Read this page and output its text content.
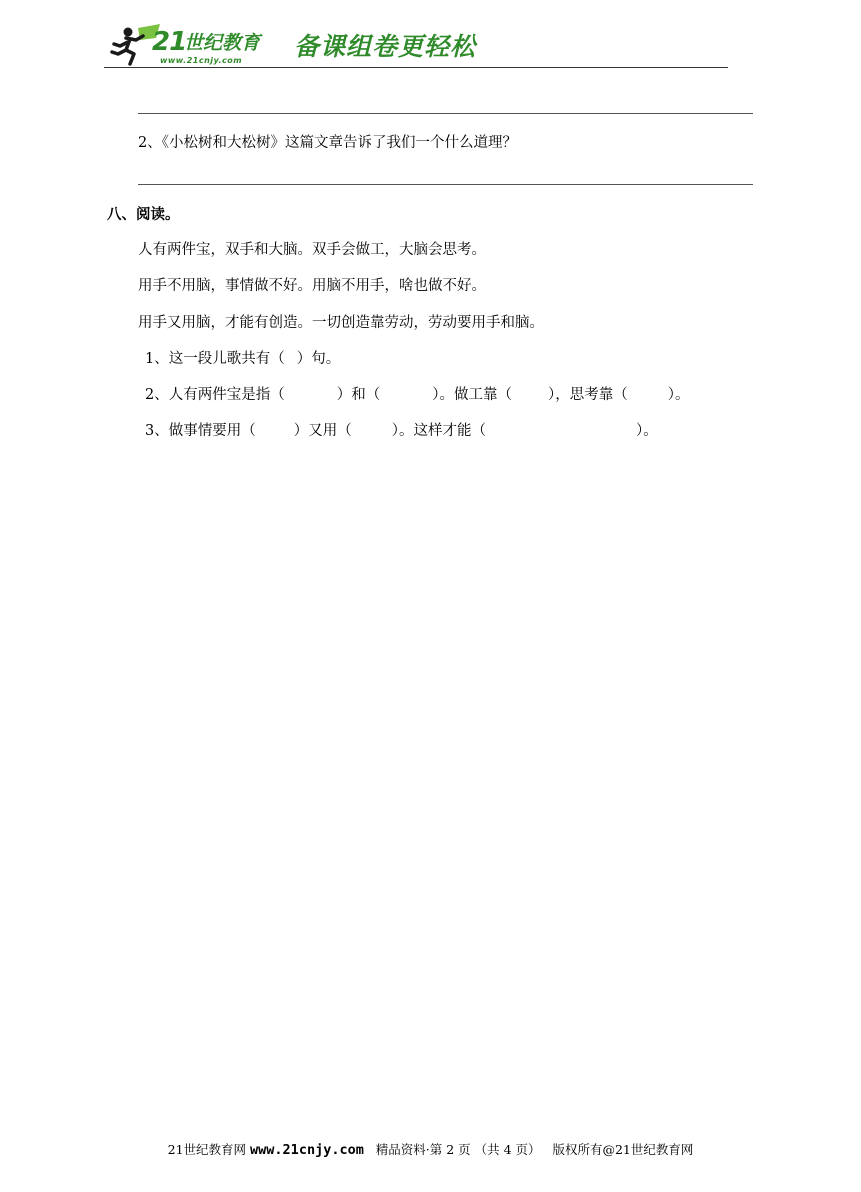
21
世纪教育
www.21cnjy.com 备课组卷更轻松
2、《小松树和大松树》这篇文章告诉了我们一个什么道理？
八、阅读。
人有两件宝，双手和大脑。双手会做工，大脑会思考。
用手不用脑，事情做不好。用脑不用手，啥也做不好。
用手又用脑，才能有创造。一切创造靠劳动，劳动要用手和脑。
1、这一段儿歌共有（ ）句。
2、人有两件宝是指（	）和（	）。做工靠（ ），思考靠（	）。
3、做事情要用（	）又用（	）。这样才能（	）。
21世纪教育网 www.21cnjy.com 精品资料·第 2 页 （共 4 页） 版权所有@21世纪教育网
